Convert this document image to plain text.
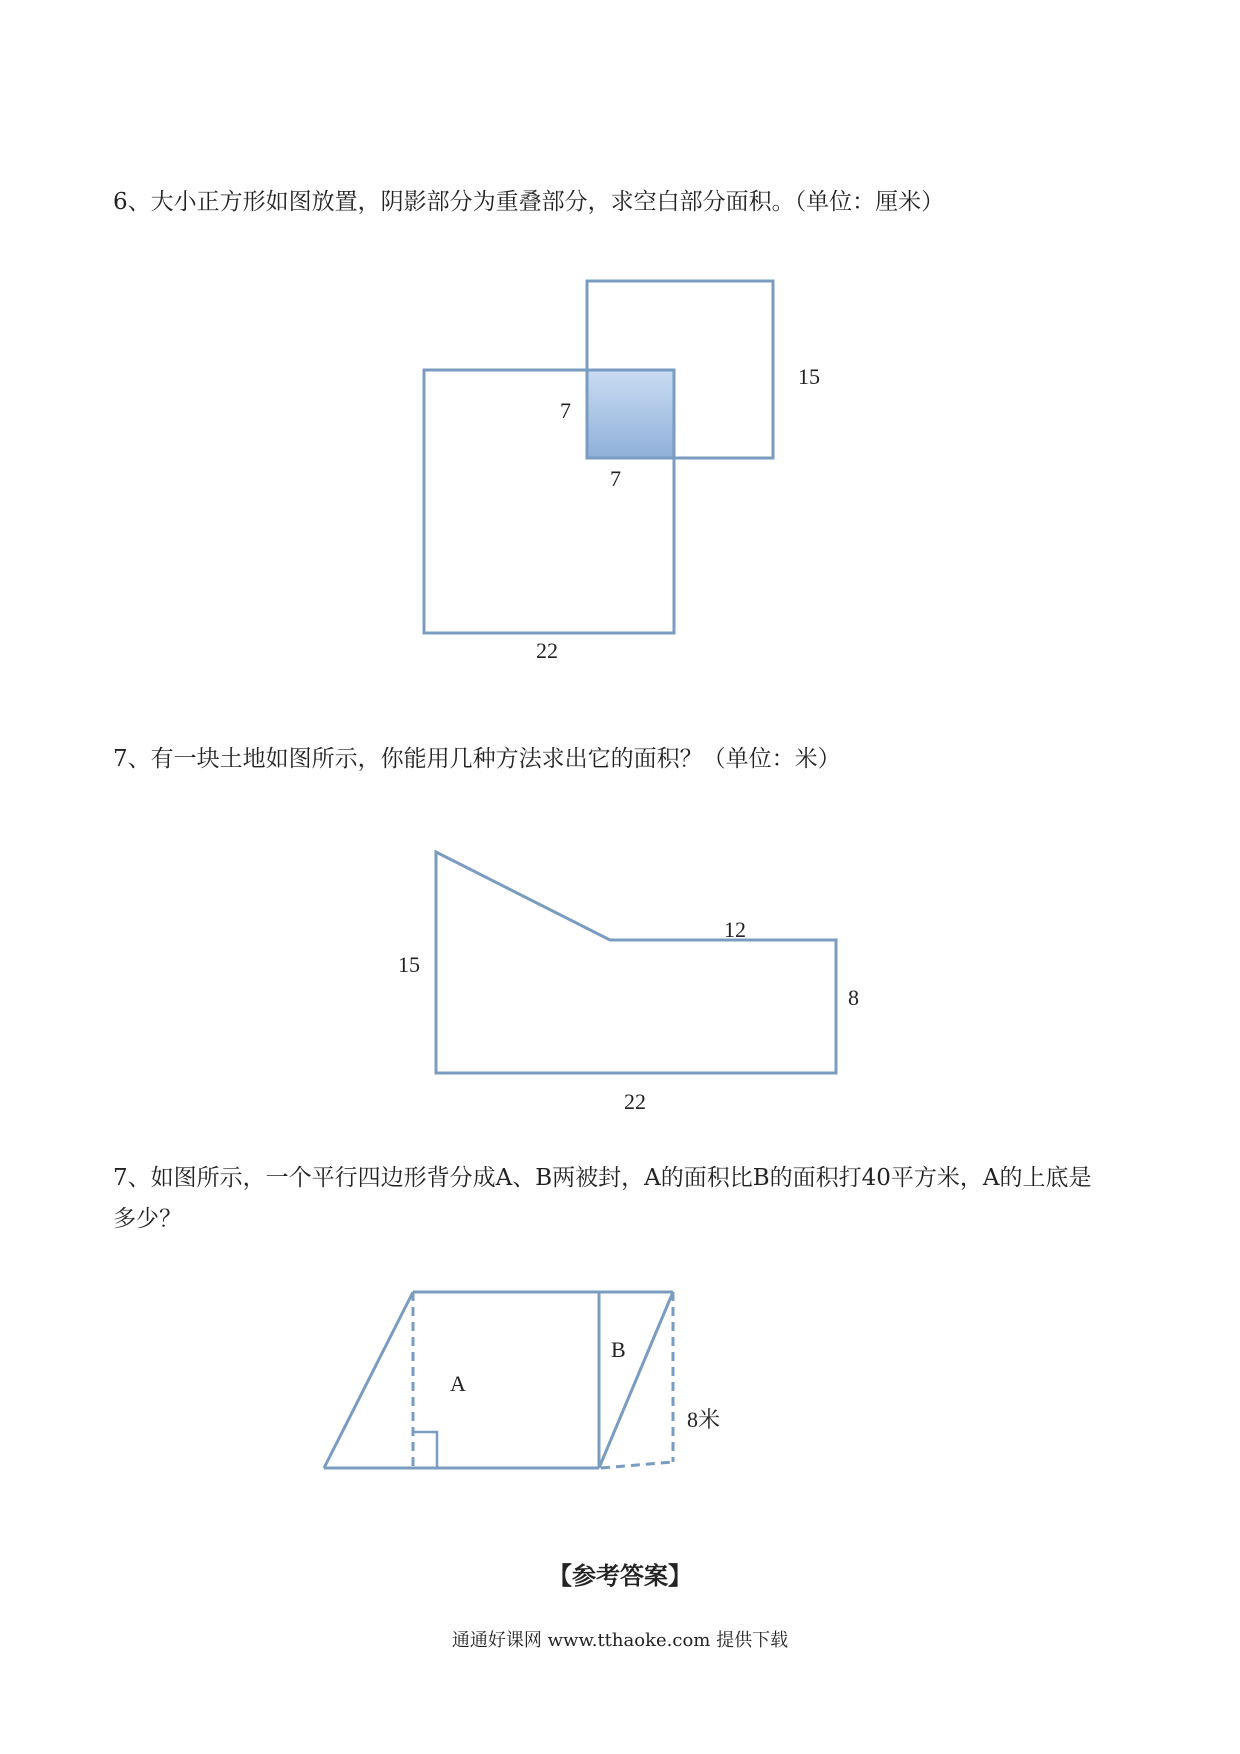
6、大小正方形如图放置，阴影部分为重叠部分，求空白部分面积。（单位：厘米）
15
7
7
22
7、有一块土地如图所示，你能用几种方法求出它的面积？（单位：米）
15
12
8
22
7、如图所示，一个平行四边形背分成A、B两被封，A的面积比B的面积打40平方米，A的上底是
多少？
A
B
8米
【参考答案】
通通好课网 www.tthaoke.com 提供下载
